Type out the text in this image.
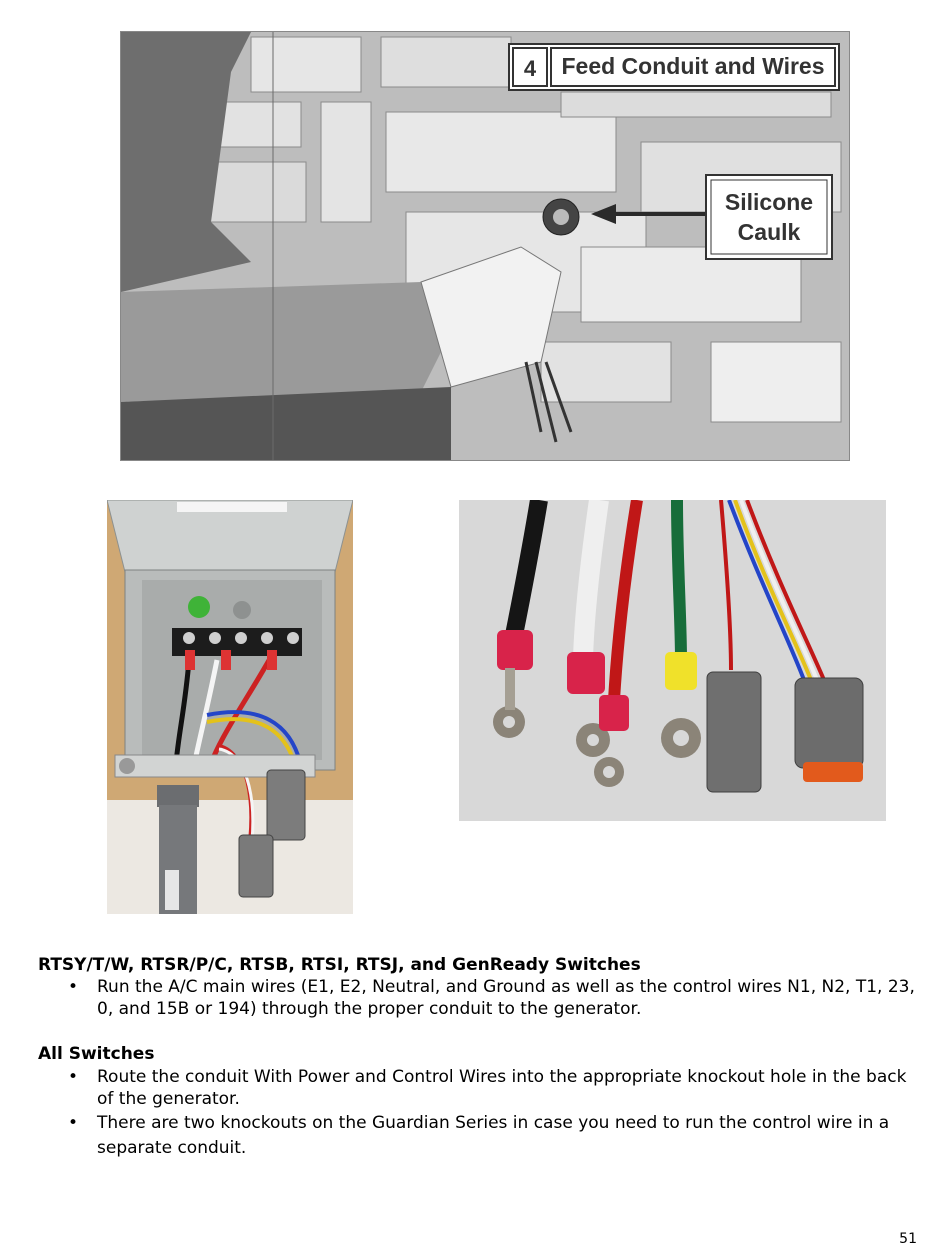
4 Feed Conduit and Wires
Silicone
Caulk
RTSY/T/W, RTSR/P/C, RTSB, RTSI, RTSJ, and GenReady Switches
• Run the A/C main wires (E1, E2, Neutral, and Ground as well as the control wires N1, N2, T1, 23, 0, and 15B or 194) through the proper conduit to the generator.
All Switches
• Route the conduit With Power and Control Wires into the appropriate knockout hole in the back of the generator.
• There are two knockouts on the Guardian Series in case you need to run the control wire in a separate conduit.
51
